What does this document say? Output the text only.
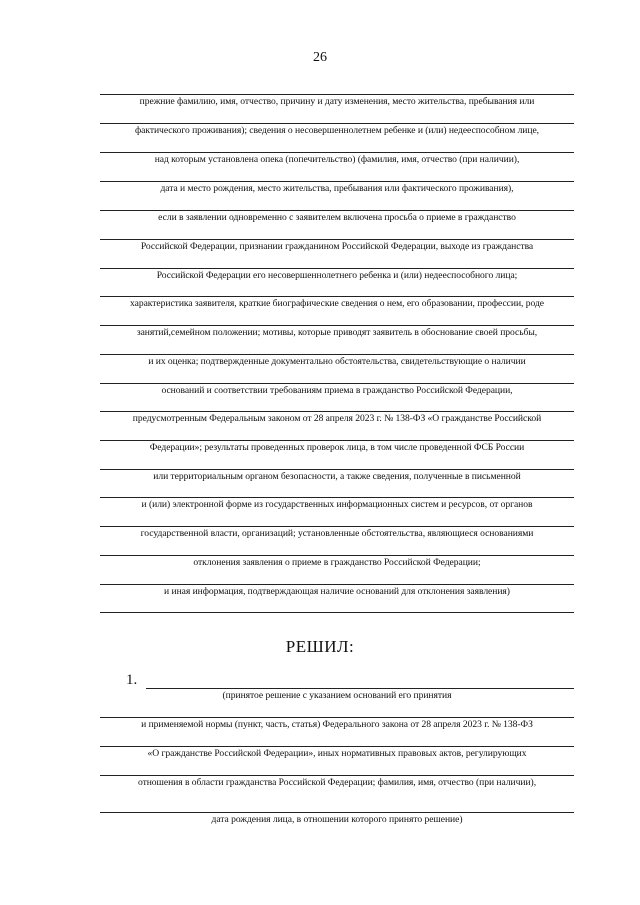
26
прежние фамилию, имя, отчество, причину и дату изменения, место жительства, пребывания или
фактического проживания); сведения о несовершеннолетнем ребенке и (или) недееспособном лице,
над которым установлена опека (попечительство) (фамилия, имя, отчество (при наличии),
дата и место рождения, место жительства, пребывания или фактического проживания),
если в заявлении одновременно с заявителем включена просьба о приеме в гражданство
Российской Федерации, признании гражданином Российской Федерации, выходе из гражданства
Российской Федерации его несовершеннолетнего ребенка и (или) недееспособного лица;
характеристика заявителя, краткие биографические сведения о нем, его образовании, профессии, роде
занятий,семейном положении; мотивы, которые приводят заявитель в обоснование своей просьбы,
и их оценка; подтвержденные документально обстоятельства, свидетельствующие о наличии
оснований и соответствии требованиям приема в гражданство Российской Федерации,
предусмотренным Федеральным законом от 28 апреля 2023 г. № 138-ФЗ «О гражданстве Российской
Федерации»; результаты проведенных проверок лица, в том числе проведенной ФСБ России
или территориальным органом безопасности, а также сведения, полученные в письменной
и (или) электронной форме из государственных информационных систем и ресурсов, от органов
государственной власти, организаций; установленные обстоятельства, являющиеся основаниями
отклонения заявления о приеме в гражданство Российской Федерации;
и иная информация, подтверждающая наличие оснований для отклонения заявления)
РЕШИЛ:
1.
(принятое решение с указанием оснований его принятия
и применяемой нормы (пункт, часть, статья) Федерального закона от 28 апреля 2023 г. № 138-ФЗ
«О гражданстве Российской Федерации», иных нормативных правовых актов, регулирующих
отношения в области гражданства Российской Федерации; фамилия, имя, отчество (при наличии),
дата рождения лица, в отношении которого принято решение)
